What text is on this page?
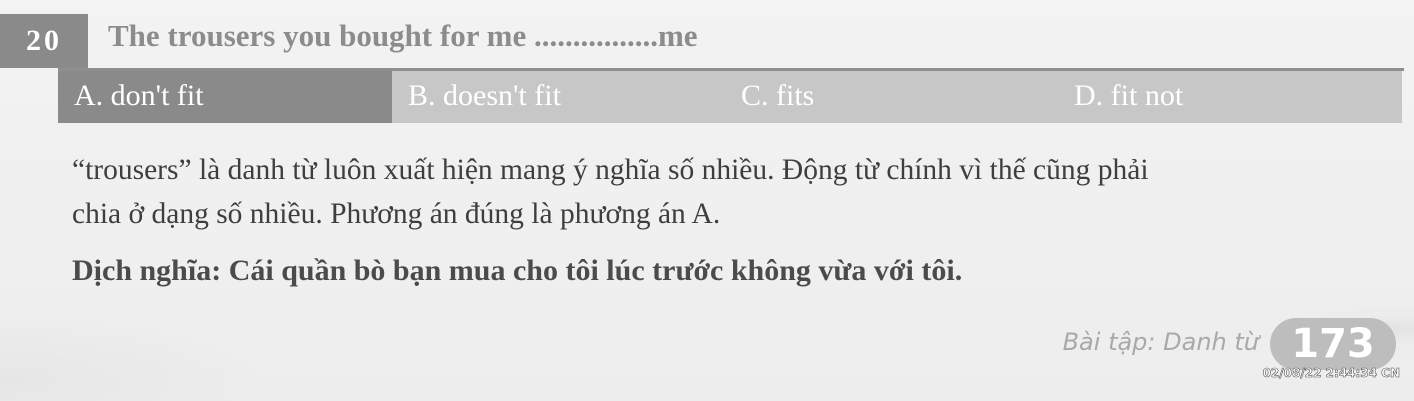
20	The trousers you bought for me ................me
A. don't fit	B. doesn't fit	C. fits	D. fit not

“trousers” là danh từ luôn xuất hiện mang ý nghĩa số nhiều. Động từ chính vì thế cũng phải

chia ở dạng số nhiều. Phương án đúng là phương án A.

Dịch nghĩa: Cái quần bò bạn mua cho tôi lúc trước không vừa với tôi.
Bài tập: Danh từ 173
02/08/22 2:44:34 CN
